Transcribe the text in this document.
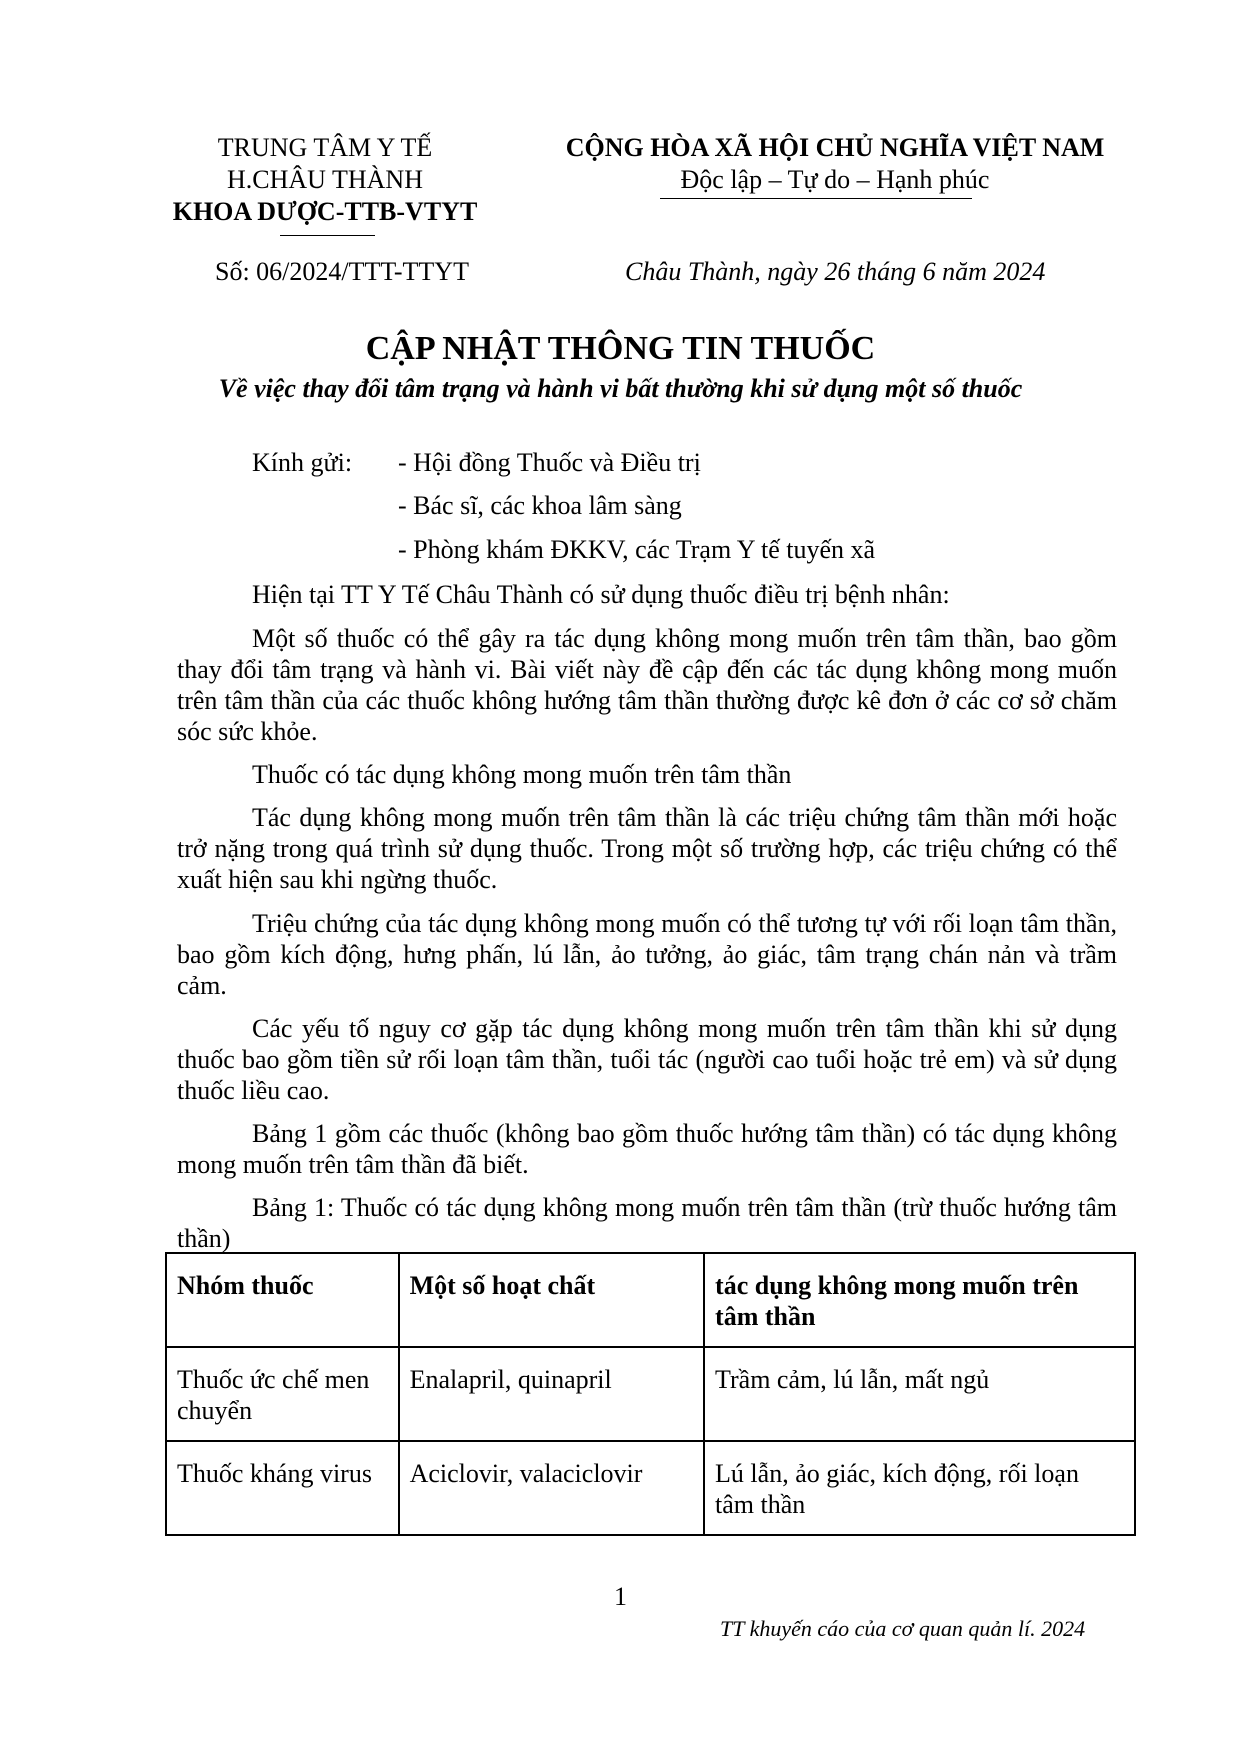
TRUNG TÂM Y TẾ
H.CHÂU THÀNH
KHOA DƯỢC-TTB-VTYT
CỘNG HÒA XÃ HỘI CHỦ NGHĨA VIỆT NAM
Độc lập – Tự do – Hạnh phúc
Số: 06/2024/TTT-TTYT	Châu Thành, ngày 26 tháng 6 năm 2024
CẬP NHẬT THÔNG TIN THUỐC
Về việc thay đổi tâm trạng và hành vi bất thường khi sử dụng một số thuốc
Kính gửi: - Hội đồng Thuốc và Điều trị
- Bác sĩ, các khoa lâm sàng
- Phòng khám ĐKKV, các Trạm Y tế tuyến xã
Hiện tại TT Y Tế Châu Thành có sử dụng thuốc điều trị bệnh nhân:
Một số thuốc có thể gây ra tác dụng không mong muốn trên tâm thần, bao gồm thay đổi tâm trạng và hành vi. Bài viết này đề cập đến các tác dụng không mong muốn trên tâm thần của các thuốc không hướng tâm thần thường được kê đơn ở các cơ sở chăm sóc sức khỏe.
Thuốc có tác dụng không mong muốn trên tâm thần
Tác dụng không mong muốn trên tâm thần là các triệu chứng tâm thần mới hoặc trở nặng trong quá trình sử dụng thuốc. Trong một số trường hợp, các triệu chứng có thể xuất hiện sau khi ngừng thuốc.
Triệu chứng của tác dụng không mong muốn có thể tương tự với rối loạn tâm thần, bao gồm kích động, hưng phấn, lú lẫn, ảo tưởng, ảo giác, tâm trạng chán nản và trầm cảm.
Các yếu tố nguy cơ gặp tác dụng không mong muốn trên tâm thần khi sử dụng thuốc bao gồm tiền sử rối loạn tâm thần, tuổi tác (người cao tuổi hoặc trẻ em) và sử dụng thuốc liều cao.
Bảng 1 gồm các thuốc (không bao gồm thuốc hướng tâm thần) có tác dụng không mong muốn trên tâm thần đã biết.
Bảng 1: Thuốc có tác dụng không mong muốn trên tâm thần (trừ thuốc hướng tâm thần)
Nhóm thuốc	Một số hoạt chất	tác dụng không mong muốn trên tâm thần
Thuốc ức chế men chuyển	Enalapril, quinapril	Trầm cảm, lú lẫn, mất ngủ
Thuốc kháng virus	Aciclovir, valaciclovir	Lú lẫn, ảo giác, kích động, rối loạn tâm thần
1
TT khuyến cáo của cơ quan quản lí. 2024
